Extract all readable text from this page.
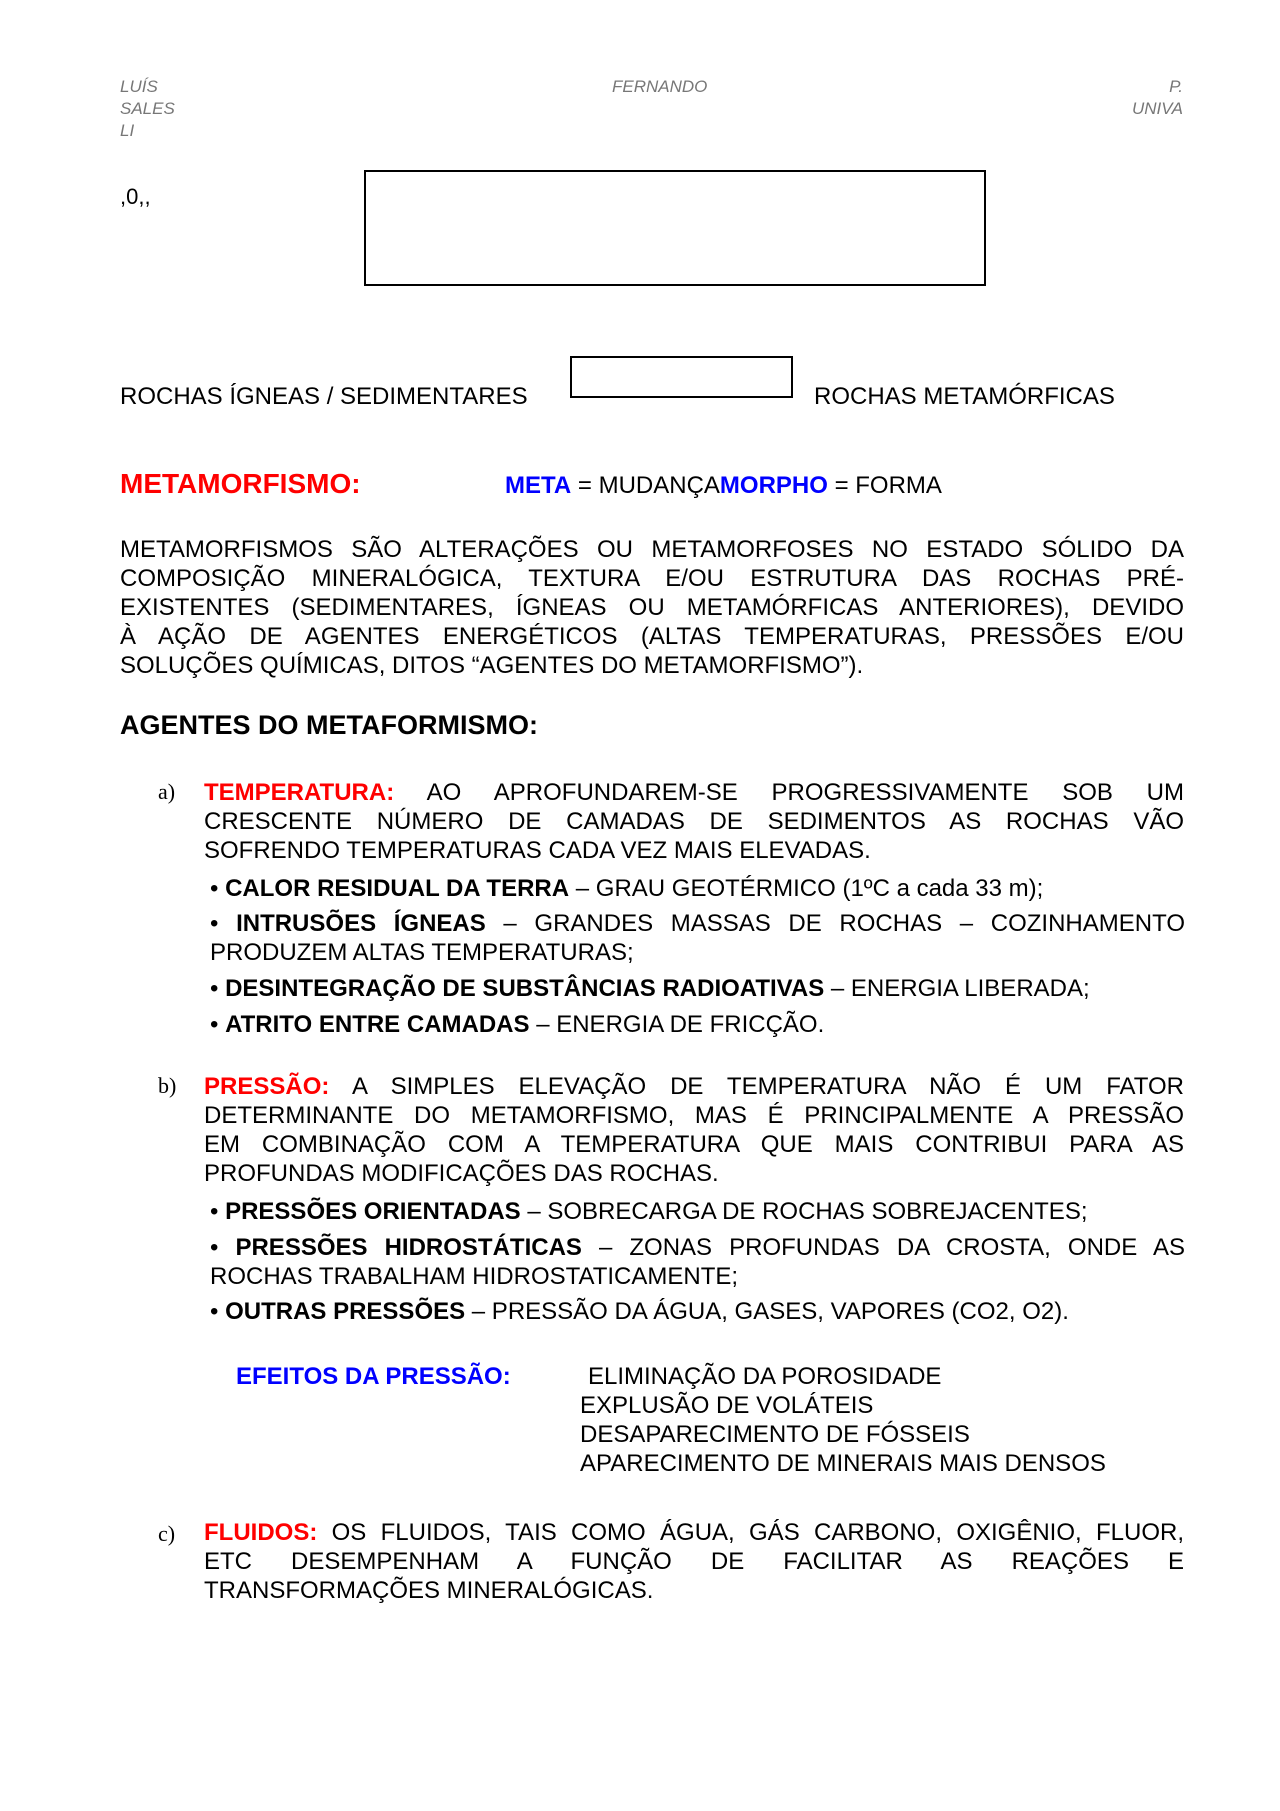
LUÍS
SALES
LI
FERNANDO	P.
UNIVA
,0,,
ROCHAS ÍGNEAS / SEDIMENTARES	ROCHAS METAMÓRFICAS
METAMORFISMO:	META = MUDANÇAMORPHO = FORMA

METAMORFISMOS SÃO ALTERAÇÕES OU METAMORFOSES NO ESTADO SÓLIDO DA

COMPOSIÇÃO MINERALÓGICA, TEXTURA E/OU ESTRUTURA DAS ROCHAS PRÉ-

EXISTENTES (SEDIMENTARES, ÍGNEAS OU METAMÓRFICAS ANTERIORES), DEVIDO

À AÇÃO DE AGENTES ENERGÉTICOS (ALTAS TEMPERATURAS, PRESSÕES E/OU

SOLUÇÕES QUÍMICAS, DITOS “AGENTES DO METAMORFISMO”).

AGENTES DO METAFORMISMO:
a) TEMPERATURA: AO APROFUNDAREM-SE PROGRESSIVAMENTE SOB UM

CRESCENTE NÚMERO DE CAMADAS DE SEDIMENTOS AS ROCHAS VÃO

SOFRENDO TEMPERATURAS CADA VEZ MAIS ELEVADAS.

• CALOR RESIDUAL DA TERRA – GRAU GEOTÉRMICO (1ºC a cada 33 m);

• INTRUSÕES ÍGNEAS – GRANDES MASSAS DE ROCHAS – COZINHAMENTO

PRODUZEM ALTAS TEMPERATURAS;

• DESINTEGRAÇÃO DE SUBSTÂNCIAS RADIOATIVAS – ENERGIA LIBERADA;
• ATRITO ENTRE CAMADAS – ENERGIA DE FRICÇÃO.
b) PRESSÃO: A SIMPLES ELEVAÇÃO DE TEMPERATURA NÃO É UM FATOR

DETERMINANTE DO METAMORFISMO, MAS É PRINCIPALMENTE A PRESSÃO

EM COMBINAÇÃO COM A TEMPERATURA QUE MAIS CONTRIBUI PARA AS

PROFUNDAS MODIFICAÇÕES DAS ROCHAS.

• PRESSÕES ORIENTADAS – SOBRECARGA DE ROCHAS SOBREJACENTES;

• PRESSÕES HIDROSTÁTICAS – ZONAS PROFUNDAS DA CROSTA, ONDE AS

ROCHAS TRABALHAM HIDROSTATICAMENTE;

• OUTRAS PRESSÕES – PRESSÃO DA ÁGUA, GASES, VAPORES (CO2, O2).
EFEITOS DA PRESSÃO:	ELIMINAÇÃO DA POROSIDADE

EXPLUSÃO DE VOLÁTEIS

DESAPARECIMENTO DE FÓSSEIS

APARECIMENTO DE MINERAIS MAIS DENSOS

c) FLUIDOS: OS FLUIDOS, TAIS COMO ÁGUA, GÁS CARBONO, OXIGÊNIO, FLUOR,

ETC DESEMPENHAM A FUNÇÃO DE FACILITAR AS REAÇÕES E

TRANSFORMAÇÕES MINERALÓGICAS.
